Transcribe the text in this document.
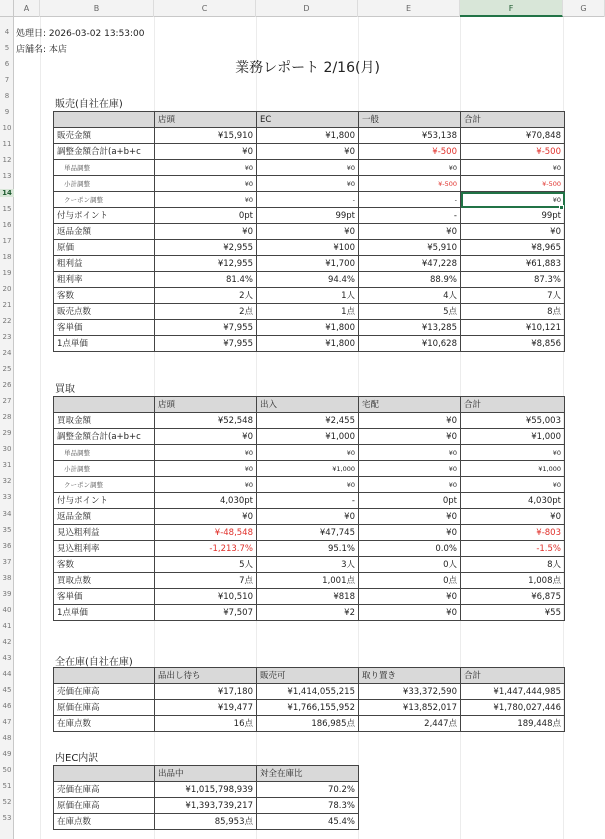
A	B	C	D	E	F	G
4
5
6
7
8
9
10
11
12
13
14
15
16
17
18
19
20
21
22
23
24
25
26
27
28
29
30
31
32
33
34
35
36
37
38
39
40
41
42
43
44
45
46
47
48
49
50
51
52
53
処理日: 2026-03-02 13:53:00
店舗名: 本店
業務レポート 2/16(月)
販売(自社在庫)
	店頭	EC	一般	合計
販売金額	¥15,910	¥1,800	¥53,138	¥70,848
調整金額合計(a+b+c	¥0	¥0	¥-500	¥-500
単品調整	¥0	¥0	¥0	¥0
小計調整	¥0	¥0	¥-500	¥-500
クーポン調整	¥0	-	-	¥0
付与ポイント	0pt	99pt	-	99pt
返品金額	¥0	¥0	¥0	¥0
原価	¥2,955	¥100	¥5,910	¥8,965
粗利益	¥12,955	¥1,700	¥47,228	¥61,883
粗利率	81.4%	94.4%	88.9%	87.3%
客数	2人	1人	4人	7人
販売点数	2点	1点	5点	8点
客単価	¥7,955	¥1,800	¥13,285	¥10,121
1点単価	¥7,955	¥1,800	¥10,628	¥8,856
買取
	店頭	出入	宅配	合計
買取金額	¥52,548	¥2,455	¥0	¥55,003
調整金額合計(a+b+c	¥0	¥1,000	¥0	¥1,000
単品調整	¥0	¥0	¥0	¥0
小計調整	¥0	¥1,000	¥0	¥1,000
クーポン調整	¥0	¥0	¥0	¥0
付与ポイント	4,030pt	-	0pt	4,030pt
返品金額	¥0	¥0	¥0	¥0
見込粗利益	¥-48,548	¥47,745	¥0	¥-803
見込粗利率	-1,213.7%	95.1%	0.0%	-1.5%
客数	5人	3人	0人	8人
買取点数	7点	1,001点	0点	1,008点
客単価	¥10,510	¥818	¥0	¥6,875
1点単価	¥7,507	¥2	¥0	¥55
全在庫(自社在庫)
	品出し待ち	販売可	取り置き	合計
売価在庫高	¥17,180	¥1,414,055,215	¥33,372,590	¥1,447,444,985
原価在庫高	¥19,477	¥1,766,155,952	¥13,852,017	¥1,780,027,446
在庫点数	16点	186,985点	2,447点	189,448点
内EC内訳
	出品中	対全在庫比
売価在庫高	¥1,015,798,939	70.2%
原価在庫高	¥1,393,739,217	78.3%
在庫点数	85,953点	45.4%
